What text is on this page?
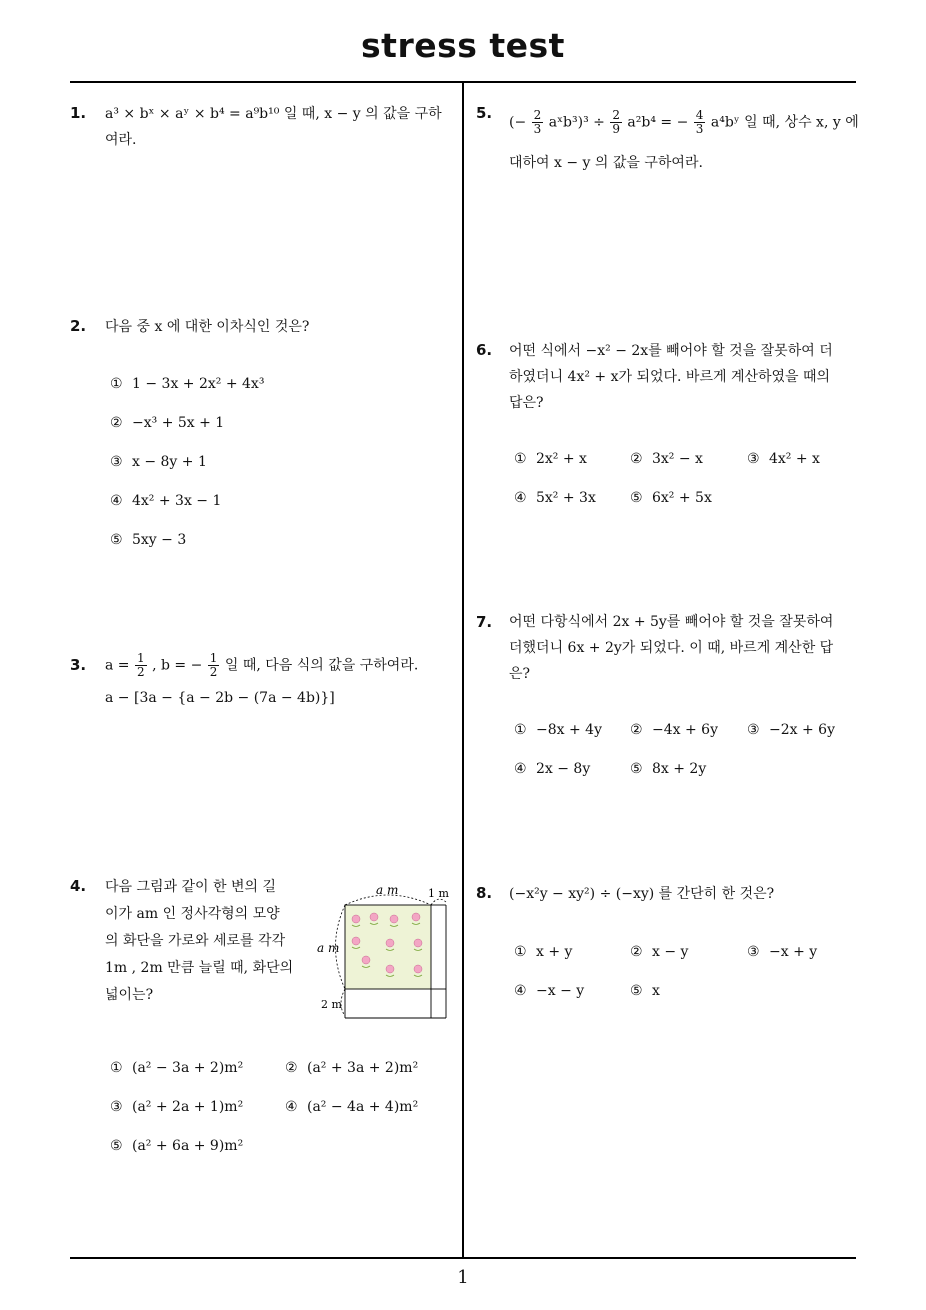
stress test
1
1. a³ × bˣ × aʸ × b⁴ = a⁹b¹⁰ 일 때, x − y 의 값을 구하
여라.
2. 다음 중 x 에 대한 이차식인 것은?
① 1 − 3x + 2x² + 4x³
② −x³ + 5x + 1
③ x − 8y + 1
④ 4x² + 3x − 1
⑤ 5xy − 3
3. $a = \frac{1}{2}$ , b = − $\frac{1}{2}$ 일 때, 다음 식의 값을 구하여라.
a − [3a − {a − 2b − (7a − 4b)}]
4. 다음 그림과 같이 한 변의 길
이가 am 인 정사각형의 모양
의 화단을 가로와 세로를 각각
1m , 2m 만큼 늘릴 때, 화단의
넓이는?
a m	1 m
a m
2 m
① (a² − 3a + 2)m²	② (a² + 3a + 2)m²
③ (a² + 2a + 1)m²	④ (a² − 4a + 4)m²
⑤ (a² + 6a + 9)m²
5.
(− $\frac{2}{3}$ aˣb³)³ ÷ $\frac{2}{9} a^2b^4$ = − $\frac{4}{3}$ a⁴bʸ 일 때, 상수 x, y 에
대하여 x − y 의 값을 구하여라.
6. 어떤 식에서 −x² − 2x를 빼어야 할 것을 잘못하여 더
하였더니 4x² + x가 되었다. 바르게 계산하였을 때의
답은?
① 2x² + x	② 3x² − x	③ 4x² + x
④ 5x² + 3x ⑤ 6x² + 5x
7. 어떤 다항식에서 2x + 5y를 빼어야 할 것을 잘못하여
더했더니 6x + 2y가 되었다. 이 때, 바르게 계산한 답
은?
① −8x + 4y ② −4x + 6y ③ −2x + 6y
④ 2x − 8y	⑤ 8x + 2y
8. (−x²y − xy²) ÷ (−xy) 를 간단히 한 것은?
① x + y	② x − y	③ −x + y
④ −x − y	⑤ x
